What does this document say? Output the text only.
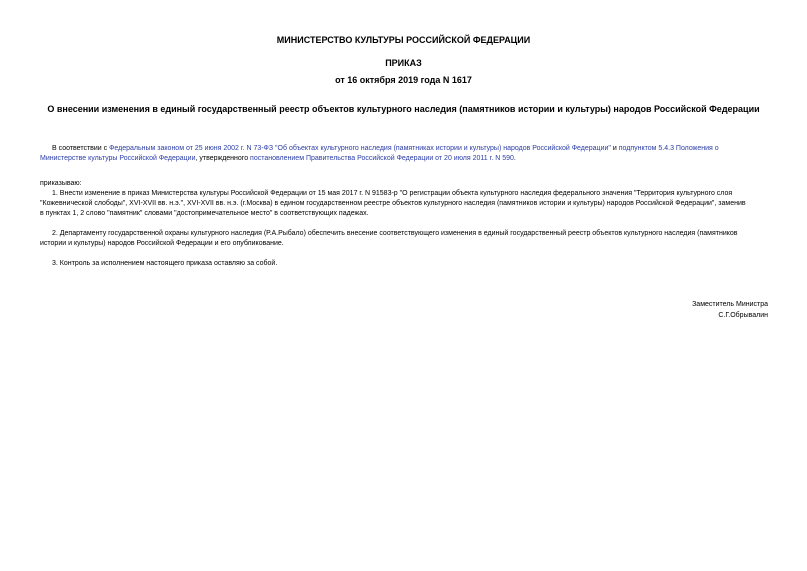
МИНИСТЕРСТВО КУЛЬТУРЫ РОССИЙСКОЙ ФЕДЕРАЦИИ
ПРИКАЗ
от 16 октября 2019 года N 1617
О внесении изменения в единый государственный реестр объектов культурного наследия (памятников истории и культуры) народов Российской Федерации
В соответствии с Федеральным законом от 25 июня 2002 г. N 73-ФЗ "Об объектах культурного наследия (памятниках истории и культуры) народов Российской Федерации" и подпунктом 5.4.3 Положения о
Министерстве культуры Российской Федерации, утвержденного постановлением Правительства Российской Федерации от 20 июля 2011 г. N 590.
приказываю:
1. Внести изменение в приказ Министерства культуры Российской Федерации от 15 мая 2017 г. N 91583-р "О регистрации объекта культурного наследия федерального значения "Территория культурного слоя
"Кожевнической слободы", XVI-XVII вв. н.э.", XVI-XVII вв. н.э. (г.Москва) в едином государственном реестре объектов культурного наследия (памятников истории и культуры) народов Российской Федерации", заменив
в пунктах 1, 2 слово "памятник" словами "достопримечательное место" в соответствующих падежах.
2. Департаменту государственной охраны культурного наследия (Р.А.Рыбало) обеспечить внесение соответствующего изменения в единый государственный реестр объектов культурного наследия (памятников
истории и культуры) народов Российской Федерации и его опубликование.
3. Контроль за исполнением настоящего приказа оставляю за собой.
Заместитель Министра
С.Г.Обрывалин
